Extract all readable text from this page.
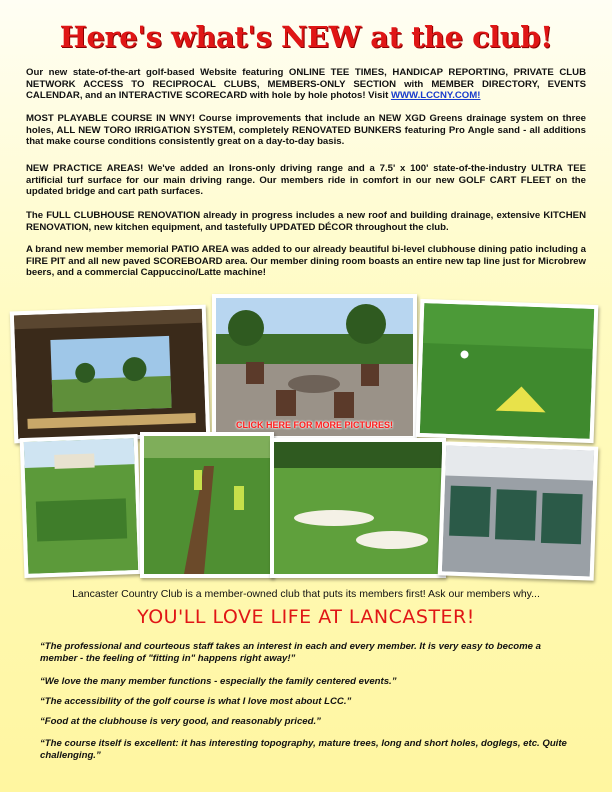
Here's what's NEW at the club!

Our new state-of-the-art golf-based Website featuring ONLINE TEE TIMES, HANDICAP REPORTING, PRIVATE CLUB NETWORK ACCESS TO RECIPROCAL CLUBS, MEMBERS-ONLY SECTION with MEMBER DIRECTORY, EVENTS CALENDAR, and an INTERACTIVE SCORECARD with hole by hole photos! Visit WWW.LCCNY.COM!

MOST PLAYABLE COURSE IN WNY! Course improvements that include an NEW XGD Greens drainage system on three holes, ALL NEW TORO IRRIGATION SYSTEM, completely RENOVATED BUNKERS featuring Pro Angle sand - all additions that make course conditions consistently great on a day-to-day basis.

NEW PRACTICE AREAS! We've added an Irons-only driving range and a 7.5' x 100' state-of-the-industry ULTRA TEE artificial turf surface for our main driving range. Our members ride in comfort in our new GOLF CART FLEET on the updated bridge and cart path surfaces.

The FULL CLUBHOUSE RENOVATION already in progress includes a new roof and building drainage, extensive KITCHEN RENOVATION, new kitchen equipment, and tastefully UPDATED DÉCOR throughout the club.

A brand new member memorial PATIO AREA was added to our already beautiful bi-level clubhouse dining patio including a FIRE PIT and all new paved SCOREBOARD area. Our member dining room boasts an entire new tap line just for Microbrew beers, and a commercial Cappuccino/Latte machine!

CLICK HERE FOR MORE PICTURES!
Lancaster Country Club is a member-owned club that puts its members first! Ask our members why...
YOU'LL LOVE LIFE AT LANCASTER!

“The professional and courteous staff takes an interest in each and every member. It is very easy to become a member - the feeling of "fitting in" happens right away!”

“We love the many member functions - especially the family centered events.”

“The accessibility of the golf course is what I love most about LCC.”

“Food at the clubhouse is very good, and reasonably priced.”

“The course itself is excellent: it has interesting topography, mature trees, long and short holes, doglegs, etc. Quite challenging.”
